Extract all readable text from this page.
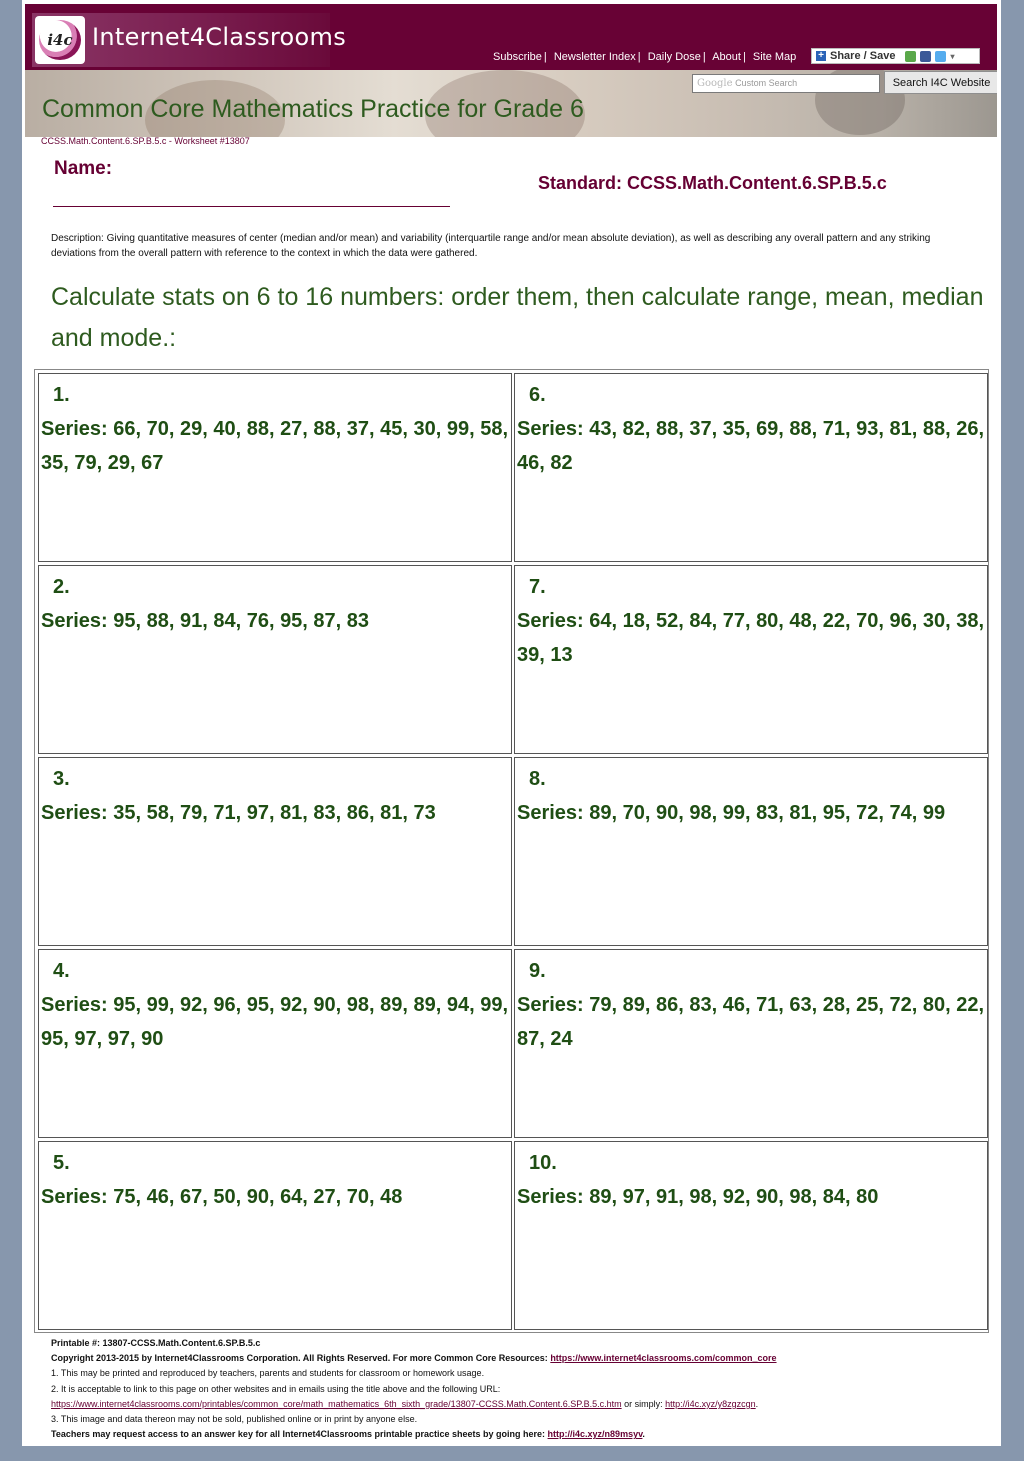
i4c Internet4Classrooms
Subscribe | Newsletter Index | Daily Dose | About | Site Map + Share / Save	▾
Common Core Mathematics Practice for Grade 6
Google Custom Search	Search I4C Website
CCSS.Math.Content.6.SP.B.5.c - Worksheet #13807
Name:
Standard: CCSS.Math.Content.6.SP.B.5.c
Description: Giving quantitative measures of center (median and/or mean) and variability (interquartile range and/or mean absolute deviation), as well as describing any overall pattern and any striking deviations from the overall pattern with reference to the context in which the data were gathered.
Calculate stats on 6 to 16 numbers: order them, then calculate range, mean, median and mode.:
1.
Series: 66, 70, 29, 40, 88, 27, 88, 37, 45, 30, 99, 58, 35, 79, 29, 67
6.
Series: 43, 82, 88, 37, 35, 69, 88, 71, 93, 81, 88, 26, 46, 82
2.
Series: 95, 88, 91, 84, 76, 95, 87, 83
7.
Series: 64, 18, 52, 84, 77, 80, 48, 22, 70, 96, 30, 38, 39, 13
3.
Series: 35, 58, 79, 71, 97, 81, 83, 86, 81, 73
8.
Series: 89, 70, 90, 98, 99, 83, 81, 95, 72, 74, 99
4.
Series: 95, 99, 92, 96, 95, 92, 90, 98, 89, 89, 94, 99, 95, 97, 97, 90
9.
Series: 79, 89, 86, 83, 46, 71, 63, 28, 25, 72, 80, 22, 87, 24
5.
Series: 75, 46, 67, 50, 90, 64, 27, 70, 48
10.
Series: 89, 97, 91, 98, 92, 90, 98, 84, 80
Printable #: 13807-CCSS.Math.Content.6.SP.B.5.c
Copyright 2013-2015 by Internet4Classrooms Corporation. All Rights Reserved. For more Common Core Resources: https://www.internet4classrooms.com/common_core
1. This may be printed and reproduced by teachers, parents and students for classroom or homework usage.
2. It is acceptable to link to this page on other websites and in emails using the title above and the following URL:
https://www.internet4classrooms.com/printables/common_core/math_mathematics_6th_sixth_grade/13807-CCSS.Math.Content.6.SP.B.5.c.htm or simply: http://i4c.xyz/y8zgzcgn.
3. This image and data thereon may not be sold, published online or in print by anyone else.
Teachers may request access to an answer key for all Internet4Classrooms printable practice sheets by going here: http://i4c.xyz/n89msyv.
